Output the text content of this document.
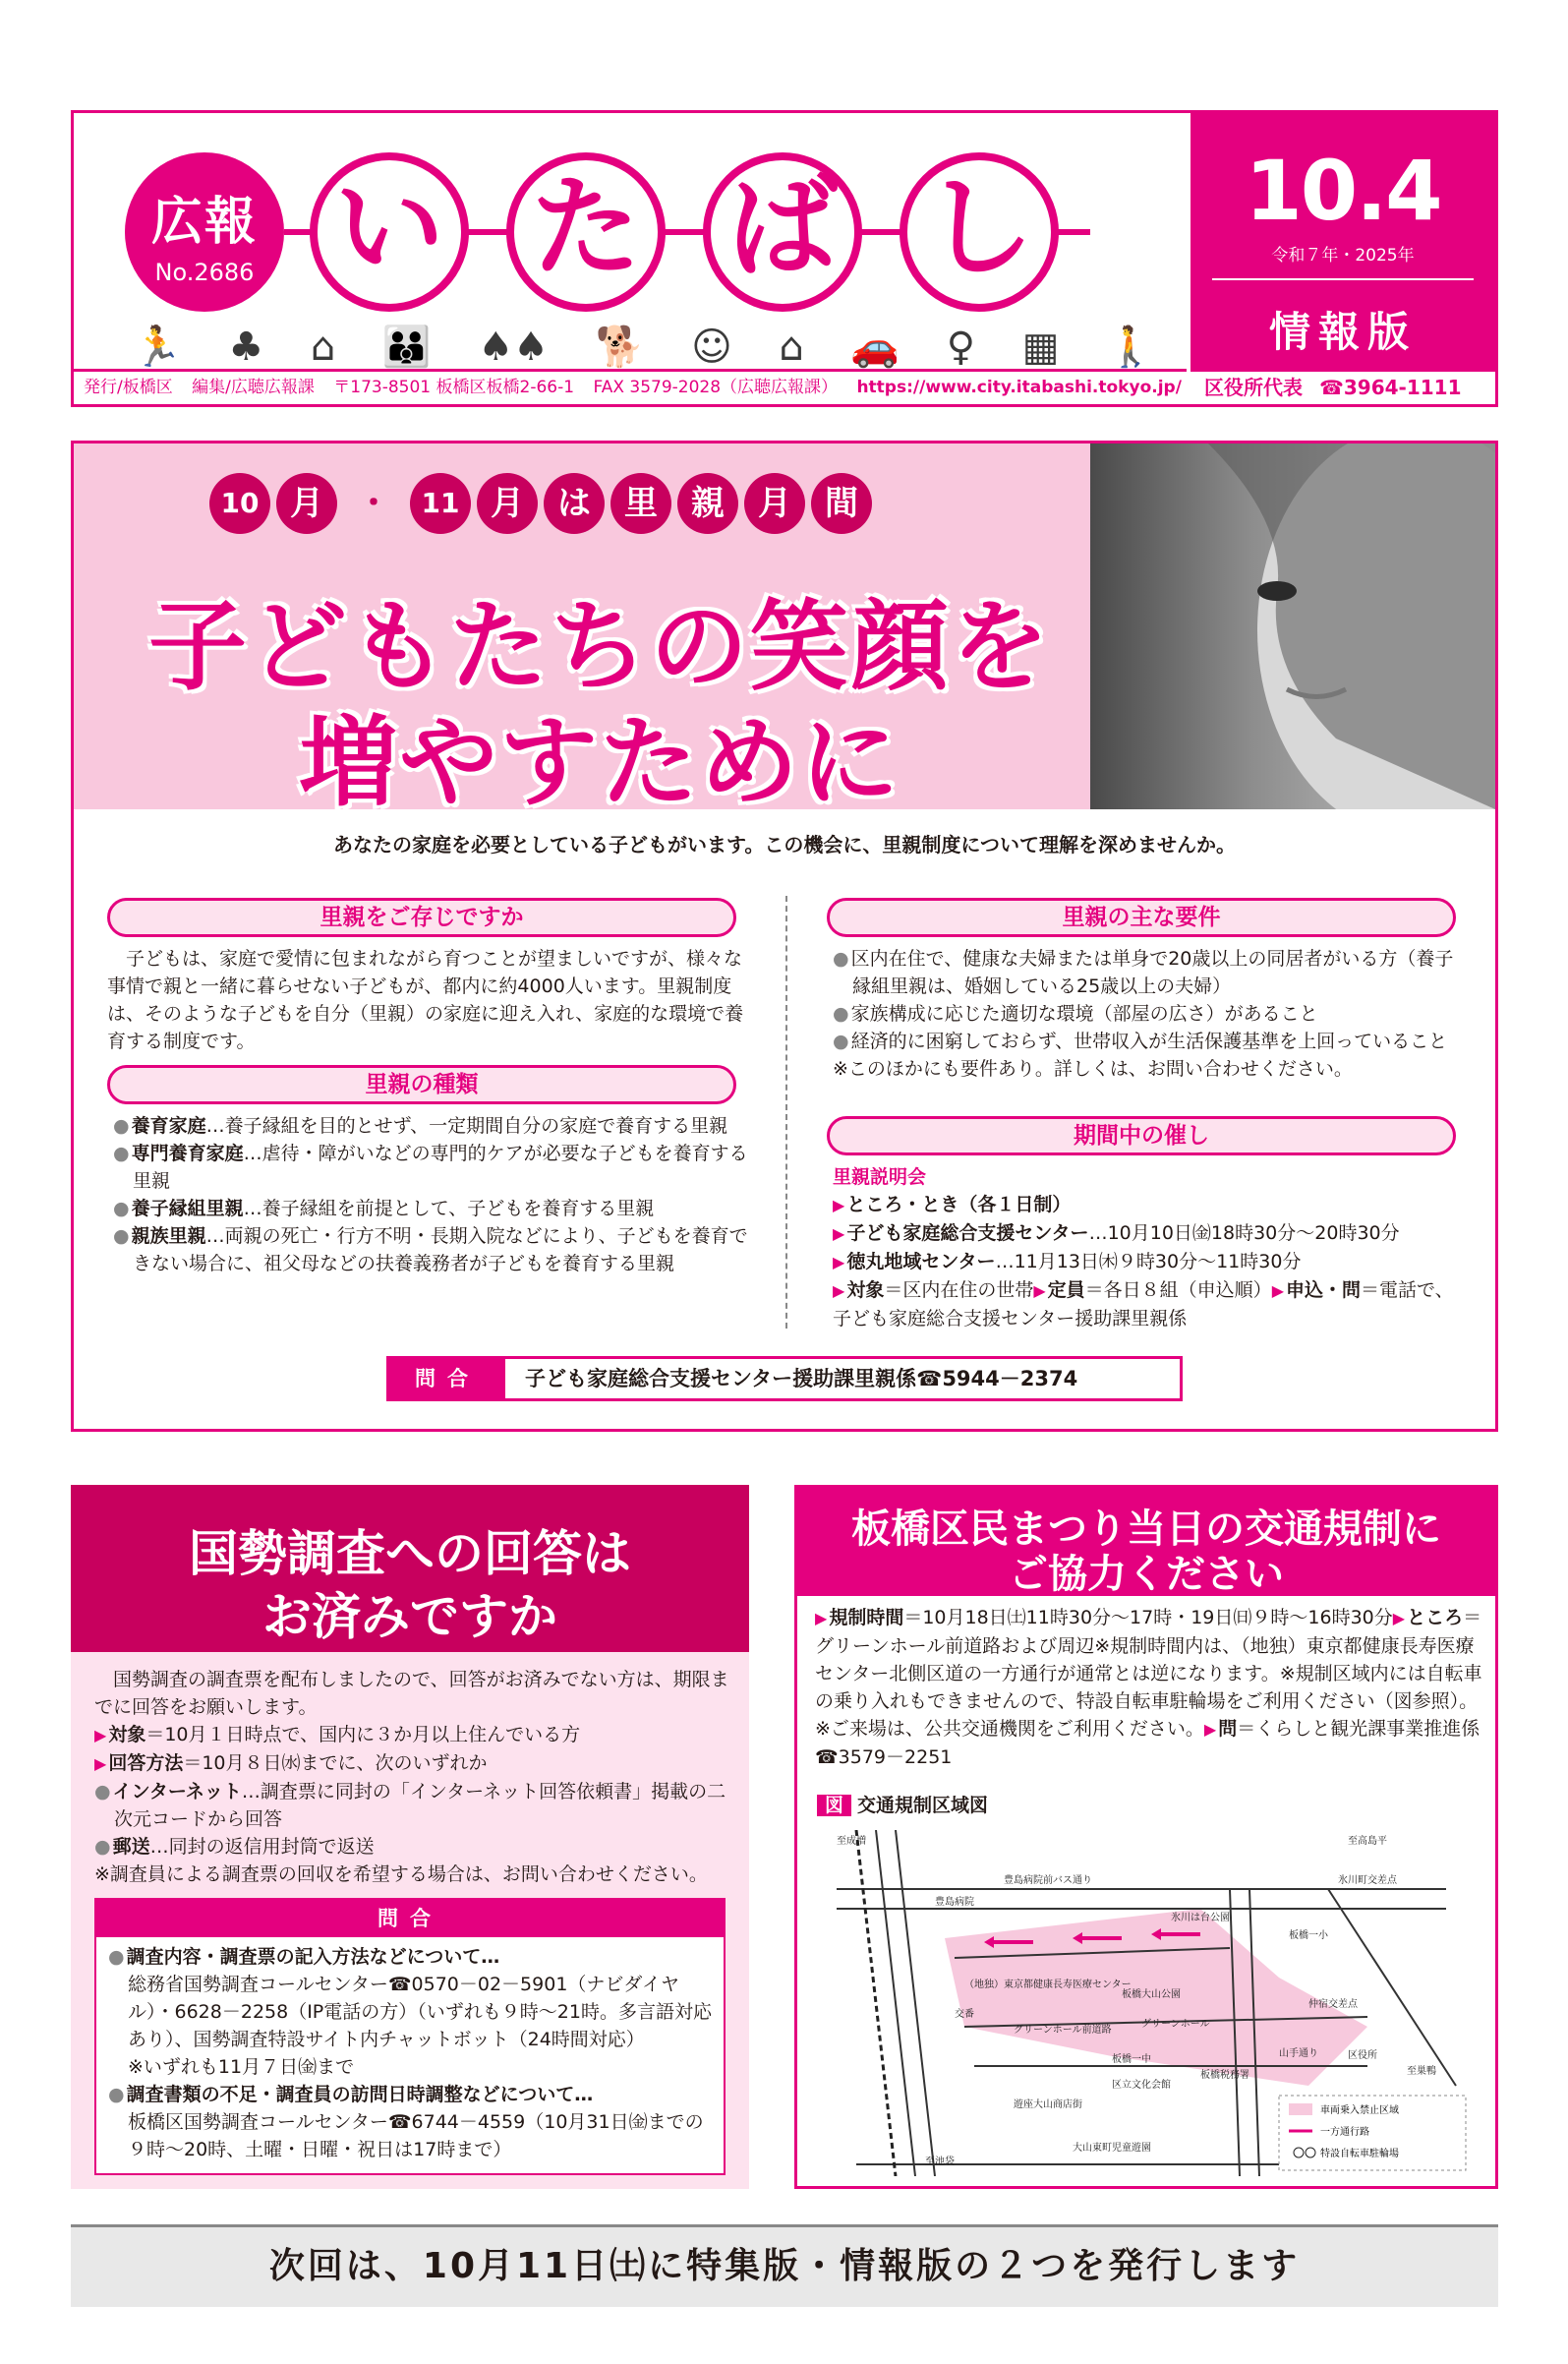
広報
No.2686 い た ば し
🏃 ♣ ⌂ 👪 ♠♠ 🐕 ☺ ⌂ 🚗 ♀ ▦ 🚶
10.4
令和７年・2025年
情報版
発行/板橋区 編集/広聴広報課 〒173-8501 板橋区板橋2-66-1 FAX 3579-2028（広聴広報課） https://www.city.itabashi.tokyo.jp/	区役所代表 ☎3964-1111
10 月	・	11 月	は	里	親	月	間
子どもたちの笑顔を
増やすために
あなたの家庭を必要としている子どもがいます。この機会に、里親制度について理解を深めませんか。
里親をご存じですか
子どもは、家庭で愛情に包まれながら育つことが望ましいですが、様々な事情で親と一緒に暮らせない子どもが、都内に約4000人います。里親制度は、そのような子どもを自分（里親）の家庭に迎え入れ、家庭的な環境で養育する制度です。
里親の種類
● 養育家庭…養子縁組を目的とせず、一定期間自分の家庭で養育する里親
● 専門養育家庭…虐待・障がいなどの専門的ケアが必要な子どもを養育する里親
● 養子縁組里親…養子縁組を前提として、子どもを養育する里親
● 親族里親…両親の死亡・行方不明・長期入院などにより、子どもを養育できない場合に、祖父母などの扶養義務者が子どもを養育する里親
里親の主な要件
● 区内在住で、健康な夫婦または単身で20歳以上の同居者がいる方（養子縁組里親は、婚姻している25歳以上の夫婦）
● 家族構成に応じた適切な環境（部屋の広さ）があること
● 経済的に困窮しておらず、世帯収入が生活保護基準を上回っていること
※このほかにも要件あり。詳しくは、お問い合わせください。
期間中の催し
里親説明会
▶ ところ・とき（各１日制）
▶ 子ども家庭総合支援センター…10月10日㈮18時30分～20時30分
▶ 徳丸地域センター…11月13日㈭９時30分～11時30分
▶ 対象＝区内在住の世帯 ▶ 定員＝各日８組（申込順） ▶ 申込・問＝電話で、子ども家庭総合支援センター援助課里親係
問合	子ども家庭総合支援センター援助課里親係☎5944－2374
国勢調査への回答は
お済みですか
国勢調査の調査票を配布しましたので、回答がお済みでない方は、期限までに回答をお願いします。
▶ 対象＝10月１日時点で、国内に３か月以上住んでいる方
▶ 回答方法＝10月８日㈬までに、次のいずれか
● インターネット…調査票に同封の「インターネット回答依頼書」掲載の二次元コードから回答
● 郵送…同封の返信用封筒で返送
※調査員による調査票の回収を希望する場合は、お問い合わせください。
問合
● 調査内容・調査票の記入方法などについて…
総務省国勢調査コールセンター☎0570－02－5901（ナビダイヤル）・6628－2258（IP電話の方）（いずれも９時～21時。多言語対応あり）、国勢調査特設サイト内チャットボット（24時間対応）
※いずれも11月７日㈮まで
● 調査書類の不足・調査員の訪問日時調整などについて…
板橋区国勢調査コールセンター☎6744－4559（10月31日㈮までの９時～20時、土曜・日曜・祝日は17時まで）
板橋区民まつり当日の交通規制に
ご協力ください
▶ 規制時間＝10月18日㈯11時30分～17時・19日㈰９時～16時30分 ▶ ところ＝グリーンホール前道路および周辺※規制時間内は、（地独）東京都健康長寿医療センター北側区道の一方通行が通常とは逆になります。※規制区域内には自転車の乗り入れもできませんので、特設自転車駐輪場をご利用ください（図参照）。※ご来場は、公共交通機関をご利用ください。 ▶ 問＝くらしと観光課事業推進係☎3579－2251
図 交通規制区域図
至成増	至高島平
豊島病院前バス通り
豊島病院
氷川町交差点
氷川は台公園
板橋一小
（地独）東京都健康長寿医療センター
交番
板橋大山公園
グリーンホール前道路
グリーンホール
仲宿交差点
区役所
板橋一中
区立文化会館
板橋税務署
山手通り
至巣鴨
遊座大山商店街
至池袋
大山東町児童遊園
車両乗入禁止区域
一方通行路
特設自転車駐輪場
次回は、10月11日㈯に特集版・情報版の２つを発行します
